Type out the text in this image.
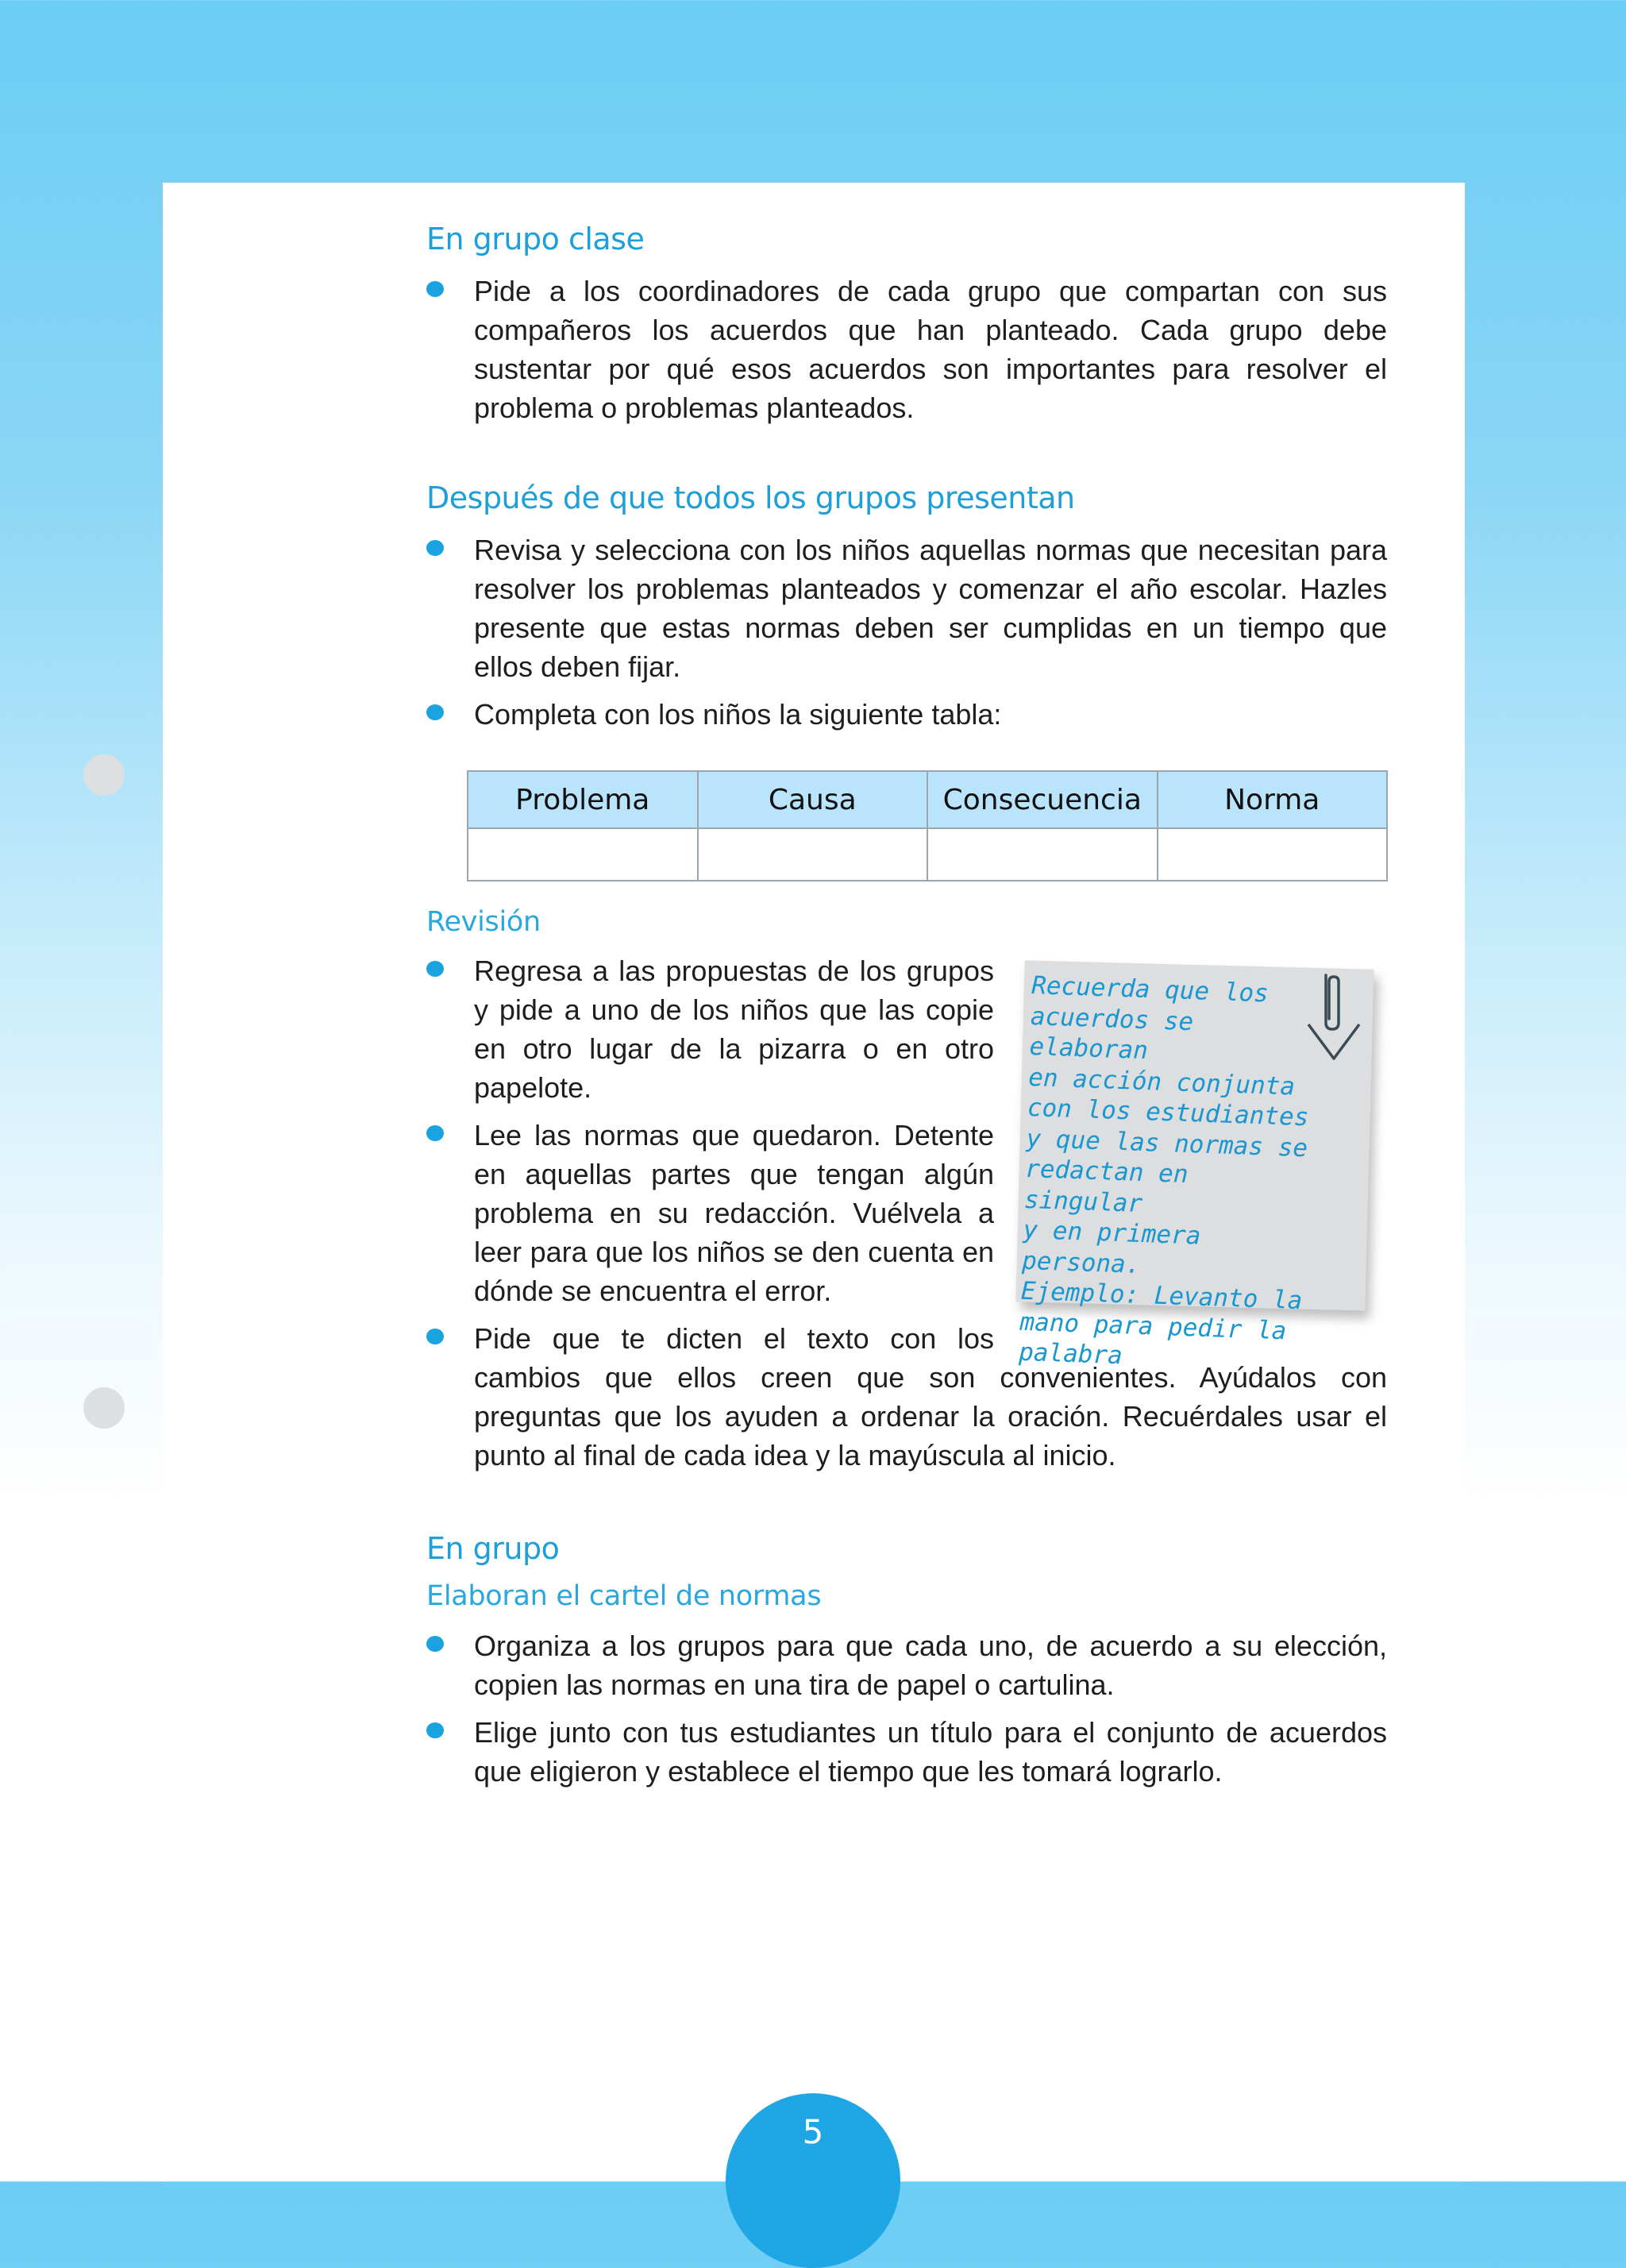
En grupo clase

Pide a los coordinadores de cada grupo que compartan con sus compañeros los acuerdos que han planteado. Cada grupo debe sustentar por qué esos acuerdos son importantes para resolver el problema o problemas planteados.

Después de que todos los grupos presentan

Revisa y selecciona con los niños aquellas normas que necesitan para resolver los problemas planteados y comenzar el año escolar. Hazles presente que estas normas deben ser cumplidas en un tiempo que ellos deben fijar.

Completa con los niños la siguiente tabla:

Problema	Causa	Consecuencia	Norma

Revisión

Regresa a las propuestas de los grupos y pide a uno de los niños que las copie en otro lugar de la pizarra o en otro papelote.

Lee las normas que quedaron. Detente en aquellas partes que tengan algún problema en su redacción. Vuélvela a leer para que los niños se den cuenta en dónde se encuentra el error.

Pide que te dicten el texto con los

cambios que ellos creen que son convenientes. Ayúdalos con preguntas que los ayuden a ordenar la oración. Recuérdales usar el punto al final de cada idea y la mayúscula al inicio.

Recuerda que los
acuerdos se elaboran
en acción conjunta
con los estudiantes
y que las normas se
redactan en singular
y en primera persona.
Ejemplo: Levanto la
mano para pedir la
palabra
En grupo
Elaboran el cartel de normas

Organiza a los grupos para que cada uno, de acuerdo a su elección, copien las normas en una tira de papel o cartulina.

Elige junto con tus estudiantes un título para el conjunto de acuerdos que eligieron y establece el tiempo que les tomará lograrlo.

5
